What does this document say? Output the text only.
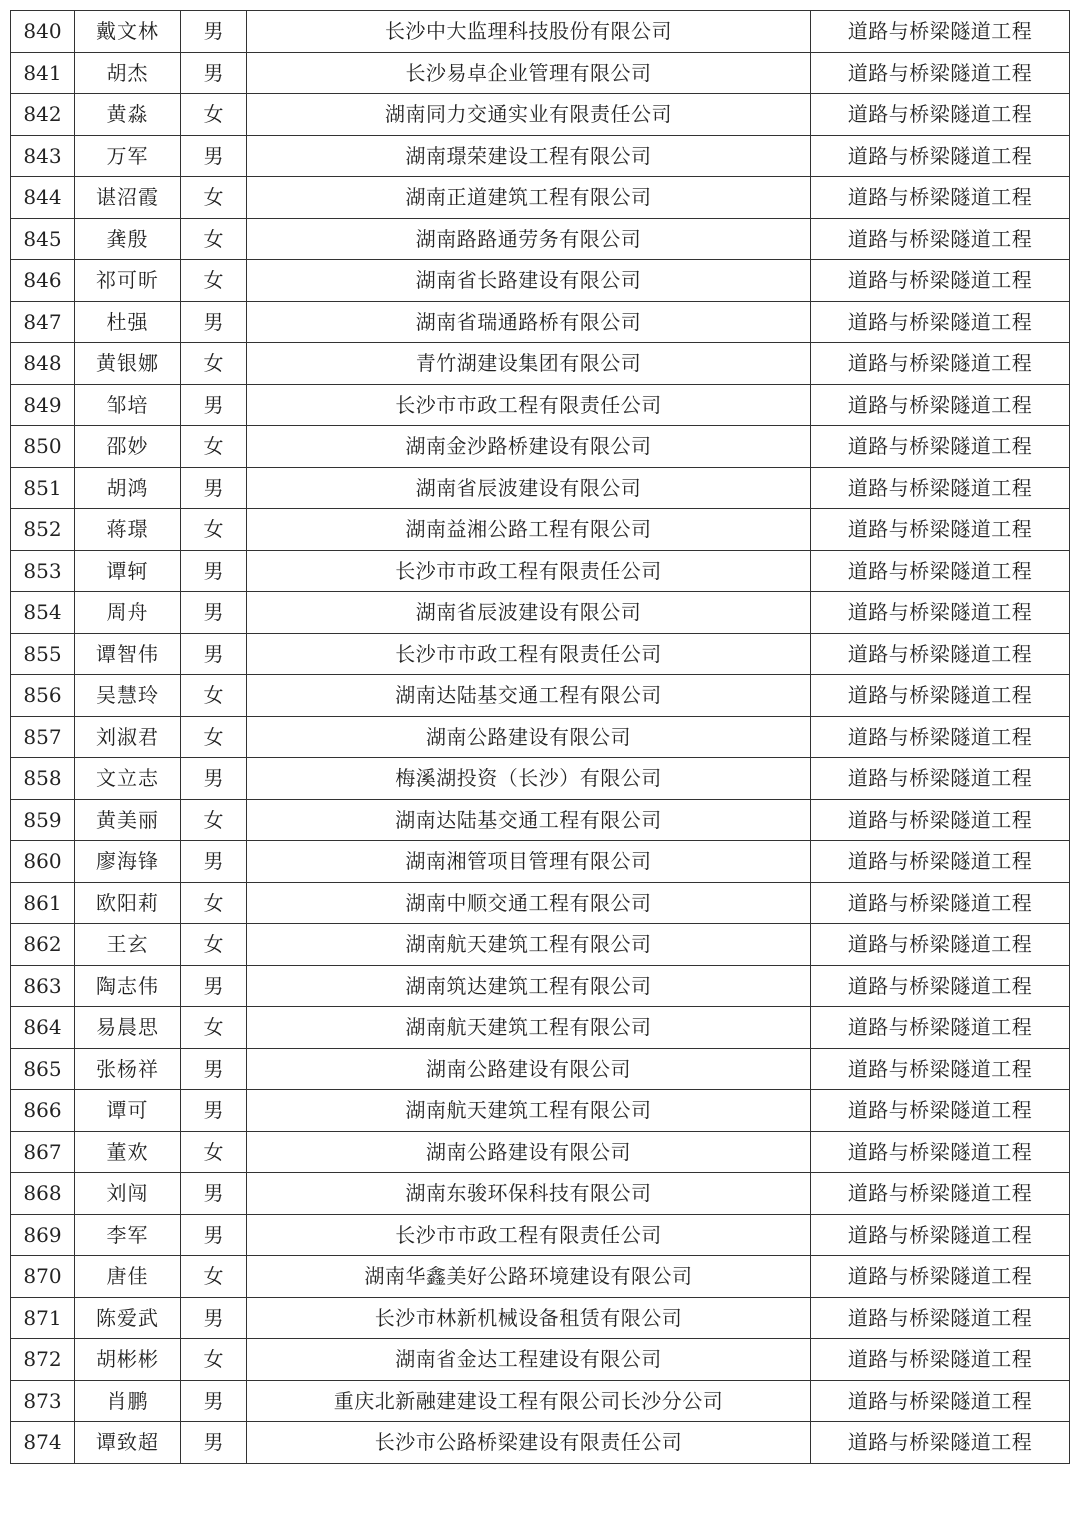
840	戴文林	男	长沙中大监理科技股份有限公司	道路与桥梁隧道工程
841	胡杰	男	长沙易卓企业管理有限公司	道路与桥梁隧道工程
842	黄淼	女	湖南同力交通实业有限责任公司	道路与桥梁隧道工程
843	万军	男	湖南璟荣建设工程有限公司	道路与桥梁隧道工程
844	谌沼霞	女	湖南正道建筑工程有限公司	道路与桥梁隧道工程
845	龚殷	女	湖南路路通劳务有限公司	道路与桥梁隧道工程
846	祁可昕	女	湖南省长路建设有限公司	道路与桥梁隧道工程
847	杜强	男	湖南省瑞通路桥有限公司	道路与桥梁隧道工程
848	黄银娜	女	青竹湖建设集团有限公司	道路与桥梁隧道工程
849	邹培	男	长沙市市政工程有限责任公司	道路与桥梁隧道工程
850	邵妙	女	湖南金沙路桥建设有限公司	道路与桥梁隧道工程
851	胡鸿	男	湖南省辰波建设有限公司	道路与桥梁隧道工程
852	蒋璟	女	湖南益湘公路工程有限公司	道路与桥梁隧道工程
853	谭轲	男	长沙市市政工程有限责任公司	道路与桥梁隧道工程
854	周舟	男	湖南省辰波建设有限公司	道路与桥梁隧道工程
855	谭智伟	男	长沙市市政工程有限责任公司	道路与桥梁隧道工程
856	吴慧玲	女	湖南达陆基交通工程有限公司	道路与桥梁隧道工程
857	刘淑君	女	湖南公路建设有限公司	道路与桥梁隧道工程
858	文立志	男	梅溪湖投资（长沙）有限公司	道路与桥梁隧道工程
859	黄美丽	女	湖南达陆基交通工程有限公司	道路与桥梁隧道工程
860	廖海锋	男	湖南湘管项目管理有限公司	道路与桥梁隧道工程
861	欧阳莉	女	湖南中顺交通工程有限公司	道路与桥梁隧道工程
862	王玄	女	湖南航天建筑工程有限公司	道路与桥梁隧道工程
863	陶志伟	男	湖南筑达建筑工程有限公司	道路与桥梁隧道工程
864	易晨思	女	湖南航天建筑工程有限公司	道路与桥梁隧道工程
865	张杨祥	男	湖南公路建设有限公司	道路与桥梁隧道工程
866	谭可	男	湖南航天建筑工程有限公司	道路与桥梁隧道工程
867	董欢	女	湖南公路建设有限公司	道路与桥梁隧道工程
868	刘闯	男	湖南东骏环保科技有限公司	道路与桥梁隧道工程
869	李军	男	长沙市市政工程有限责任公司	道路与桥梁隧道工程
870	唐佳	女	湖南华鑫美好公路环境建设有限公司	道路与桥梁隧道工程
871	陈爱武	男	长沙市林新机械设备租赁有限公司	道路与桥梁隧道工程
872	胡彬彬	女	湖南省金达工程建设有限公司	道路与桥梁隧道工程
873	肖鹏	男	重庆北新融建建设工程有限公司长沙分公司	道路与桥梁隧道工程
874	谭致超	男	长沙市公路桥梁建设有限责任公司	道路与桥梁隧道工程
